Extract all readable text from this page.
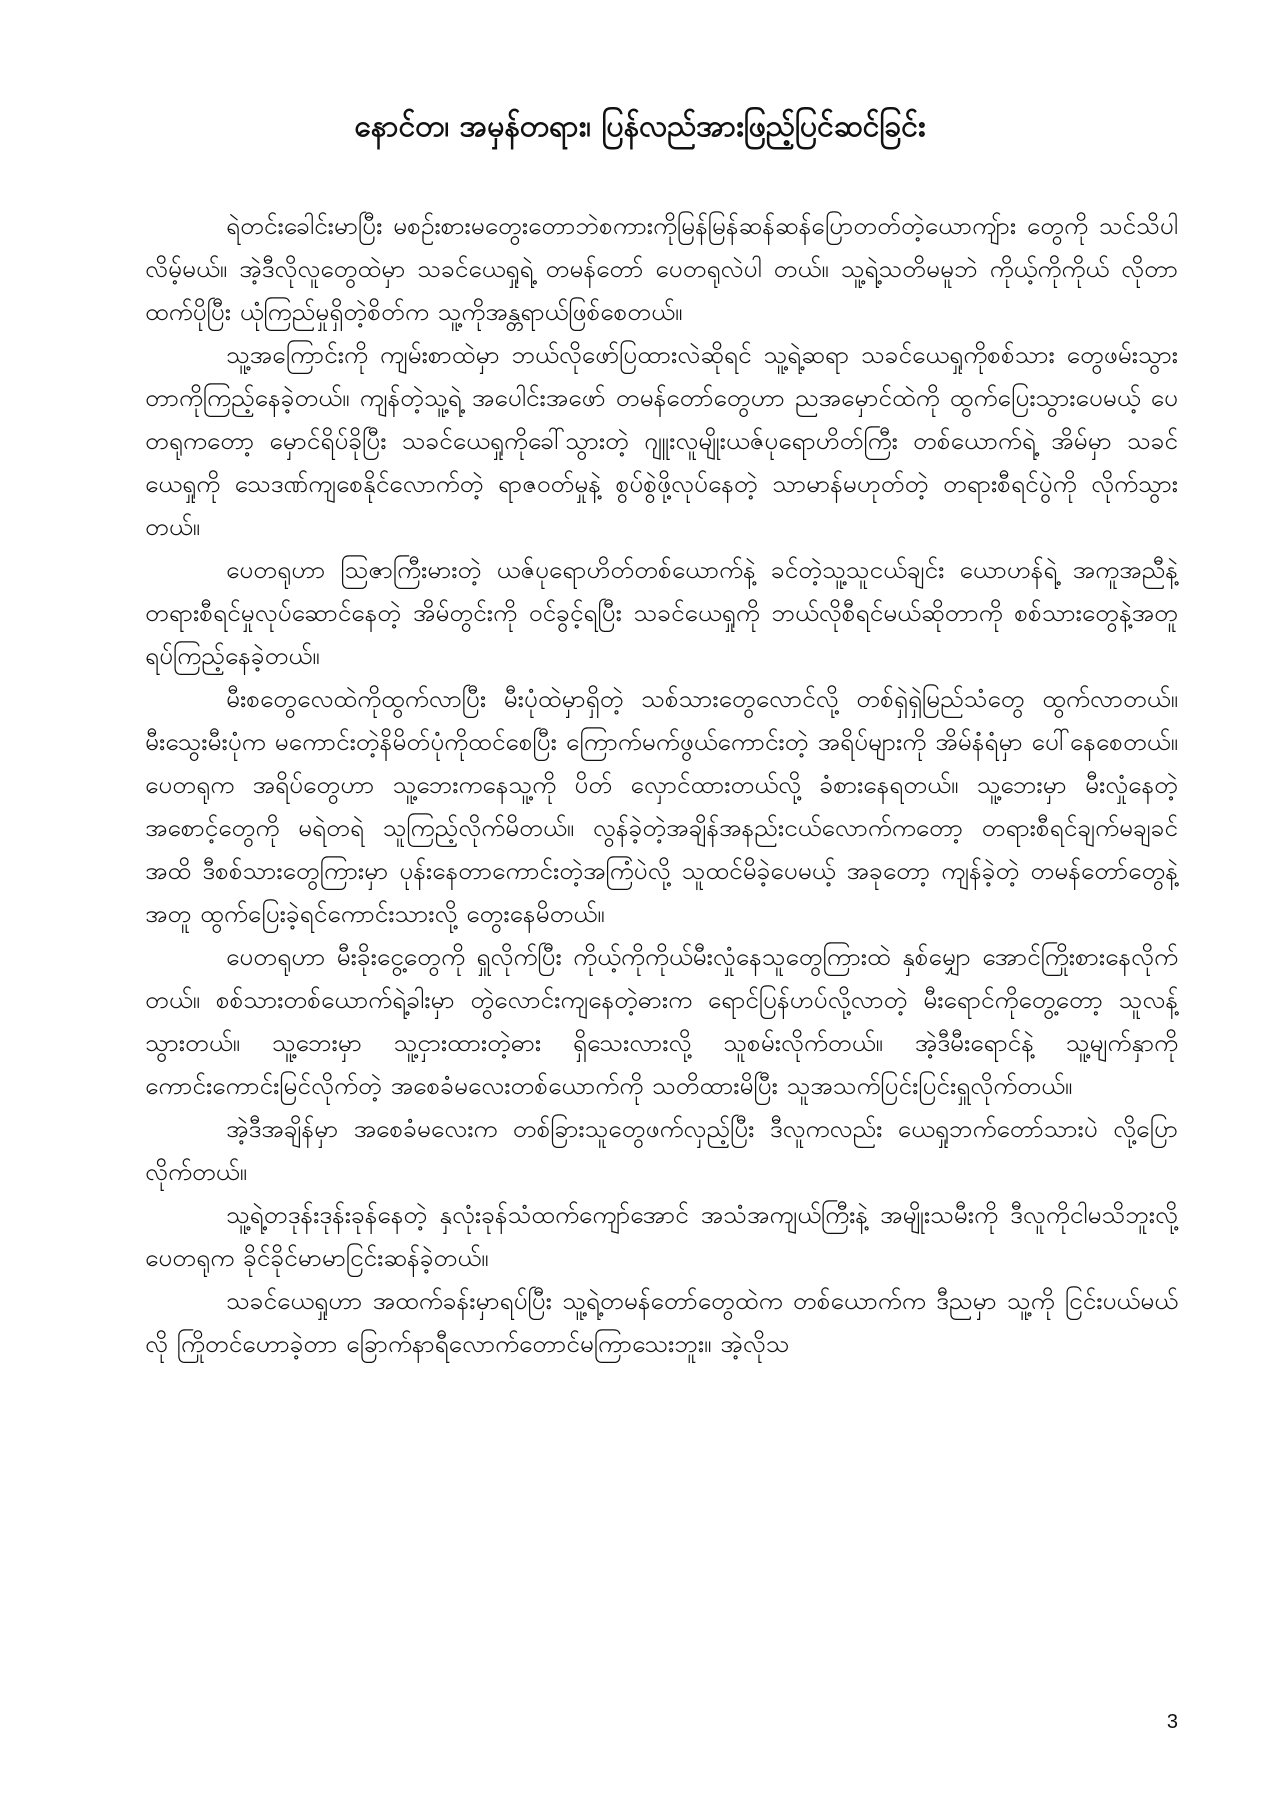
နောင်တ၊ အမှန်တရား၊ ပြန်လည်အားဖြည့်ပြင်ဆင်ခြင်း

ရဲတင်းခေါင်းမာပြီး မစဉ်းစားမတွေးတောဘဲစကားကိုမြန်မြန်ဆန်ဆန်ပြောတတ်တဲ့ယောကျ်ား တွေကို သင်သိပါလိမ့်မယ်။ အဲ့ဒီလိုလူတွေထဲမှာ သခင်ယေရှုရဲ့ တမန်တော် ပေတရုလဲပါ တယ်။ သူ့ရဲ့သတိမမူဘဲ ကိုယ့်ကိုကိုယ် လိုတာထက်ပိုပြီး ယုံကြည်မှုရှိတဲ့စိတ်က သူ့ကိုအန္တရာယ်ဖြစ်စေတယ်။

သူ့အကြောင်းကို ကျမ်းစာထဲမှာ ဘယ်လိုဖော်ပြထားလဲဆိုရင် သူ့ရဲ့ဆရာ သခင်ယေရှုကိုစစ်သား တွေဖမ်းသွားတာကိုကြည့်နေခဲ့တယ်။ ကျန်တဲ့သူ့ရဲ့ အပေါင်းအဖော် တမန်တော်တွေဟာ ညအမှောင်ထဲကို ထွက်ပြေးသွားပေမယ့် ပေတရုကတော့ မှောင်ရိပ်ခိုပြီး သခင်ယေရှုကိုခေါ်သွားတဲ့ ဂျူးလူမျိုးယဇ်ပုရောဟိတ်ကြီး တစ်ယောက်ရဲ့ အိမ်မှာ သခင်ယေရှုကို သေဒဏ်ကျစေနိုင်လောက်တဲ့ ရာဇဝတ်မှုနဲ့ စွပ်စွဲဖို့လုပ်နေတဲ့ သာမာန်မဟုတ်တဲ့ တရားစီရင်ပွဲကို လိုက်သွားတယ်။

ပေတရုဟာ ဩဇာကြီးမားတဲ့ ယဇ်ပုရောဟိတ်တစ်ယောက်နဲ့ ခင်တဲ့သူ့သူငယ်ချင်း ယောဟန်ရဲ့ အကူအညီနဲ့ တရားစီရင်မှုလုပ်ဆောင်နေတဲ့ အိမ်တွင်းကို ဝင်ခွင့်ရပြီး သခင်ယေရှုကို ဘယ်လိုစီရင်မယ်ဆိုတာကို စစ်သားတွေနဲ့အတူ ရပ်ကြည့်နေခဲ့တယ်။

မီးစတွေလေထဲကိုထွက်လာပြီး မီးပုံထဲမှာရှိတဲ့ သစ်သားတွေလောင်လို့ တစ်ရှဲရှဲမြည်သံတွေ ထွက်လာတယ်။ မီးသွေးမီးပုံက မကောင်းတဲ့နိမိတ်ပုံကိုထင်စေပြီး ကြောက်မက်ဖွယ်ကောင်းတဲ့ အရိပ်များကို အိမ်နံရံမှာ ပေါ်နေစေတယ်။ ပေတရုက အရိပ်တွေဟာ သူ့ဘေးကနေသူ့ကို ပိတ် လှောင်ထားတယ်လို့ ခံစားနေရတယ်။ သူ့ဘေးမှာ မီးလှုံနေတဲ့ အစောင့်တွေကို မရဲတရဲ သူကြည့်လိုက်မိတယ်။ လွန်ခဲ့တဲ့အချိန်အနည်းငယ်လောက်ကတော့ တရားစီရင်ချက်မချခင်အထိ ဒီစစ်သားတွေကြားမှာ ပုန်းနေတာကောင်းတဲ့အကြံပဲလို့ သူထင်မိခဲ့ပေမယ့် အခုတော့ ကျန်ခဲ့တဲ့ တမန်တော်တွေနဲ့အတူ ထွက်ပြေးခဲ့ရင်ကောင်းသားလို့ တွေးနေမိတယ်။

ပေတရုဟာ မီးခိုးငွေ့တွေကို ရှူလိုက်ပြီး ကိုယ့်ကိုကိုယ်မီးလှုံနေသူတွေကြားထဲ နှစ်မျှော အောင်ကြိုးစားနေလိုက်တယ်။ စစ်သားတစ်ယောက်ရဲ့ခါးမှာ တွဲလောင်းကျနေတဲ့ဓားက ရောင်ပြန်ဟပ်လို့လာတဲ့ မီးရောင်ကိုတွေ့တော့ သူလန့်သွားတယ်။ သူ့ဘေးမှာ သူ့ငှားထားတဲ့ဓား ရှိသေးလားလို့ သူစမ်းလိုက်တယ်။ အဲ့ဒီမီးရောင်နဲ့ သူ့မျက်နှာကို ကောင်းကောင်းမြင်လိုက်တဲ့ အစေခံမလေးတစ်ယောက်ကို သတိထားမိပြီး သူအသက်ပြင်းပြင်းရှူလိုက်တယ်။

အဲ့ဒီအချိန်မှာ အစေခံမလေးက တစ်ခြားသူတွေဖက်လှည့်ပြီး ဒီလူကလည်း ယေရှုဘက်တော်သားပဲ လို့ပြောလိုက်တယ်။

သူ့ရဲ့တဒုန်းဒုန်းခုန်နေတဲ့ နှလုံးခုန်သံထက်ကျော်အောင် အသံအကျယ်ကြီးနဲ့ အမျိုးသမီးကို ဒီလူကိုငါမသိဘူးလို့ ပေတရုက ခိုင်ခိုင်မာမာငြင်းဆန်ခဲ့တယ်။

သခင်ယေရှုဟာ အထက်ခန်းမှာရပ်ပြီး သူ့ရဲ့တမန်တော်တွေထဲက တစ်ယောက်က ဒီညမှာ သူ့ကို ငြင်းပယ်မယ်လို ကြိုတင်ဟောခဲ့တာ ခြောက်နာရီလောက်တောင်မကြာသေးဘူး။ အဲ့လိုသ

3
